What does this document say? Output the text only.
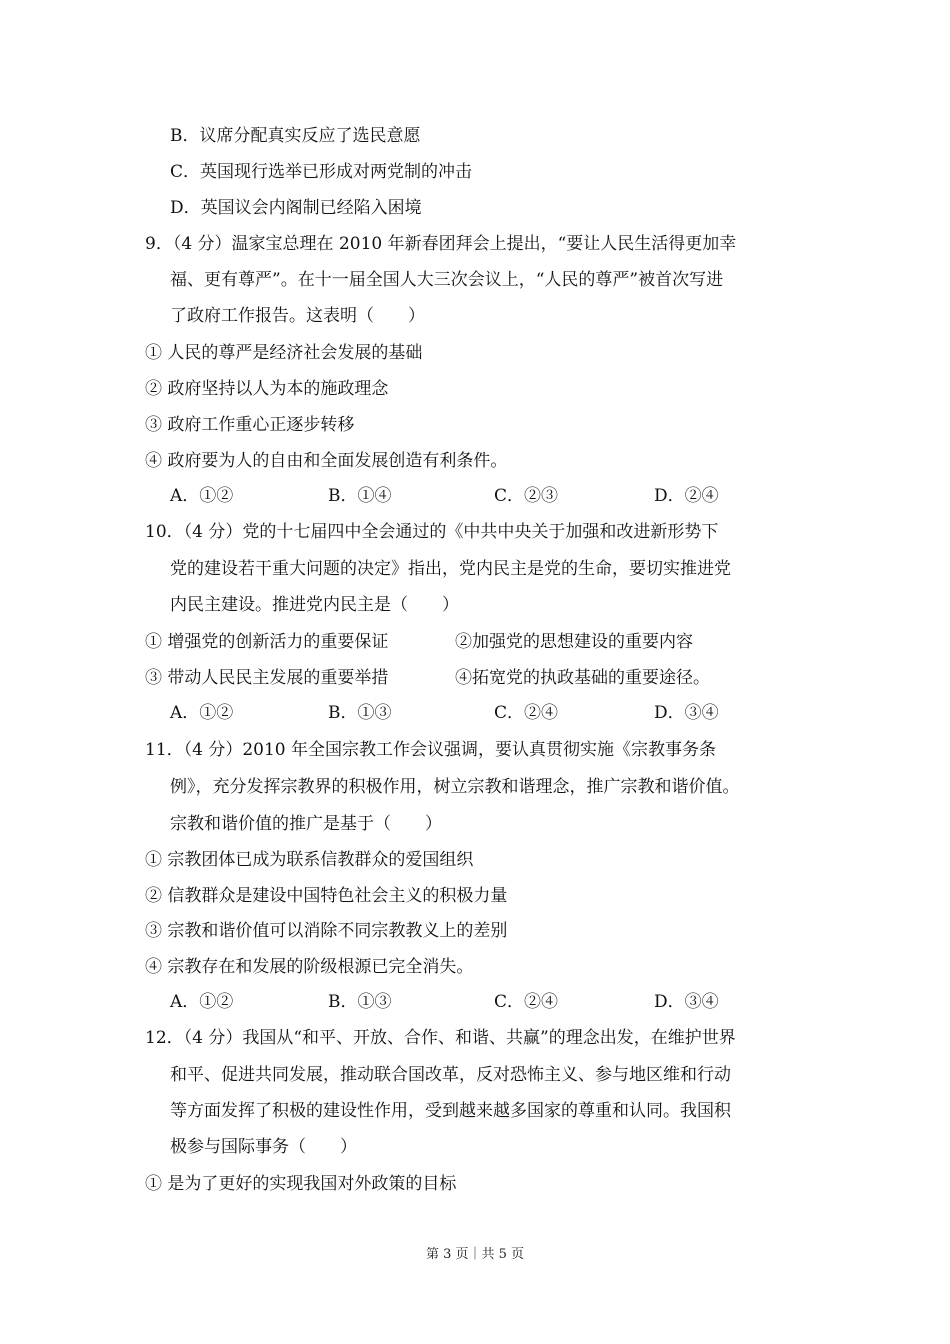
B．议席分配真实反应了选民意愿
C．英国现行选举已形成对两党制的冲击
D．英国议会内阁制已经陷入困境
9．（4 分）温家宝总理在 2010 年新春团拜会上提出，“要让人民生活得更加幸
福、更有尊严”。在十一届全国人大三次会议上，“人民的尊严”被首次写进
了政府工作报告。这表明（　　）
① 人民的尊严是经济社会发展的基础
② 政府坚持以人为本的施政理念
③ 政府工作重心正逐步转移
④ 政府要为人的自由和全面发展创造有利条件。
A．①②	B．①④	C．②③	D．②④
10．（4 分）党的十七届四中全会通过的《中共中央关于加强和改进新形势下
党的建设若干重大问题的决定》指出，党内民主是党的生命，要切实推进党
内民主建设。推进党内民主是（　　）
① 增强党的创新活力的重要保证	②加强党的思想建设的重要内容
③ 带动人民民主发展的重要举措	④拓宽党的执政基础的重要途径。
A．①②	B．①③	C．②④	D．③④
11．（4 分）2010 年全国宗教工作会议强调，要认真贯彻实施《宗教事务条
例》，充分发挥宗教界的积极作用，树立宗教和谐理念，推广宗教和谐价值。
宗教和谐价值的推广是基于（　　）
① 宗教团体已成为联系信教群众的爱国组织
② 信教群众是建设中国特色社会主义的积极力量
③ 宗教和谐价值可以消除不同宗教教义上的差别
④ 宗教存在和发展的阶级根源已完全消失。
A．①②	B．①③	C．②④	D．③④
12．（4 分）我国从“和平、开放、合作、和谐、共赢”的理念出发，在维护世界
和平、促进共同发展，推动联合国改革，反对恐怖主义、参与地区维和行动
等方面发挥了积极的建设性作用，受到越来越多国家的尊重和认同。我国积
极参与国际事务（　　）
① 是为了更好的实现我国对外政策的目标
第 3 页｜共 5 页
